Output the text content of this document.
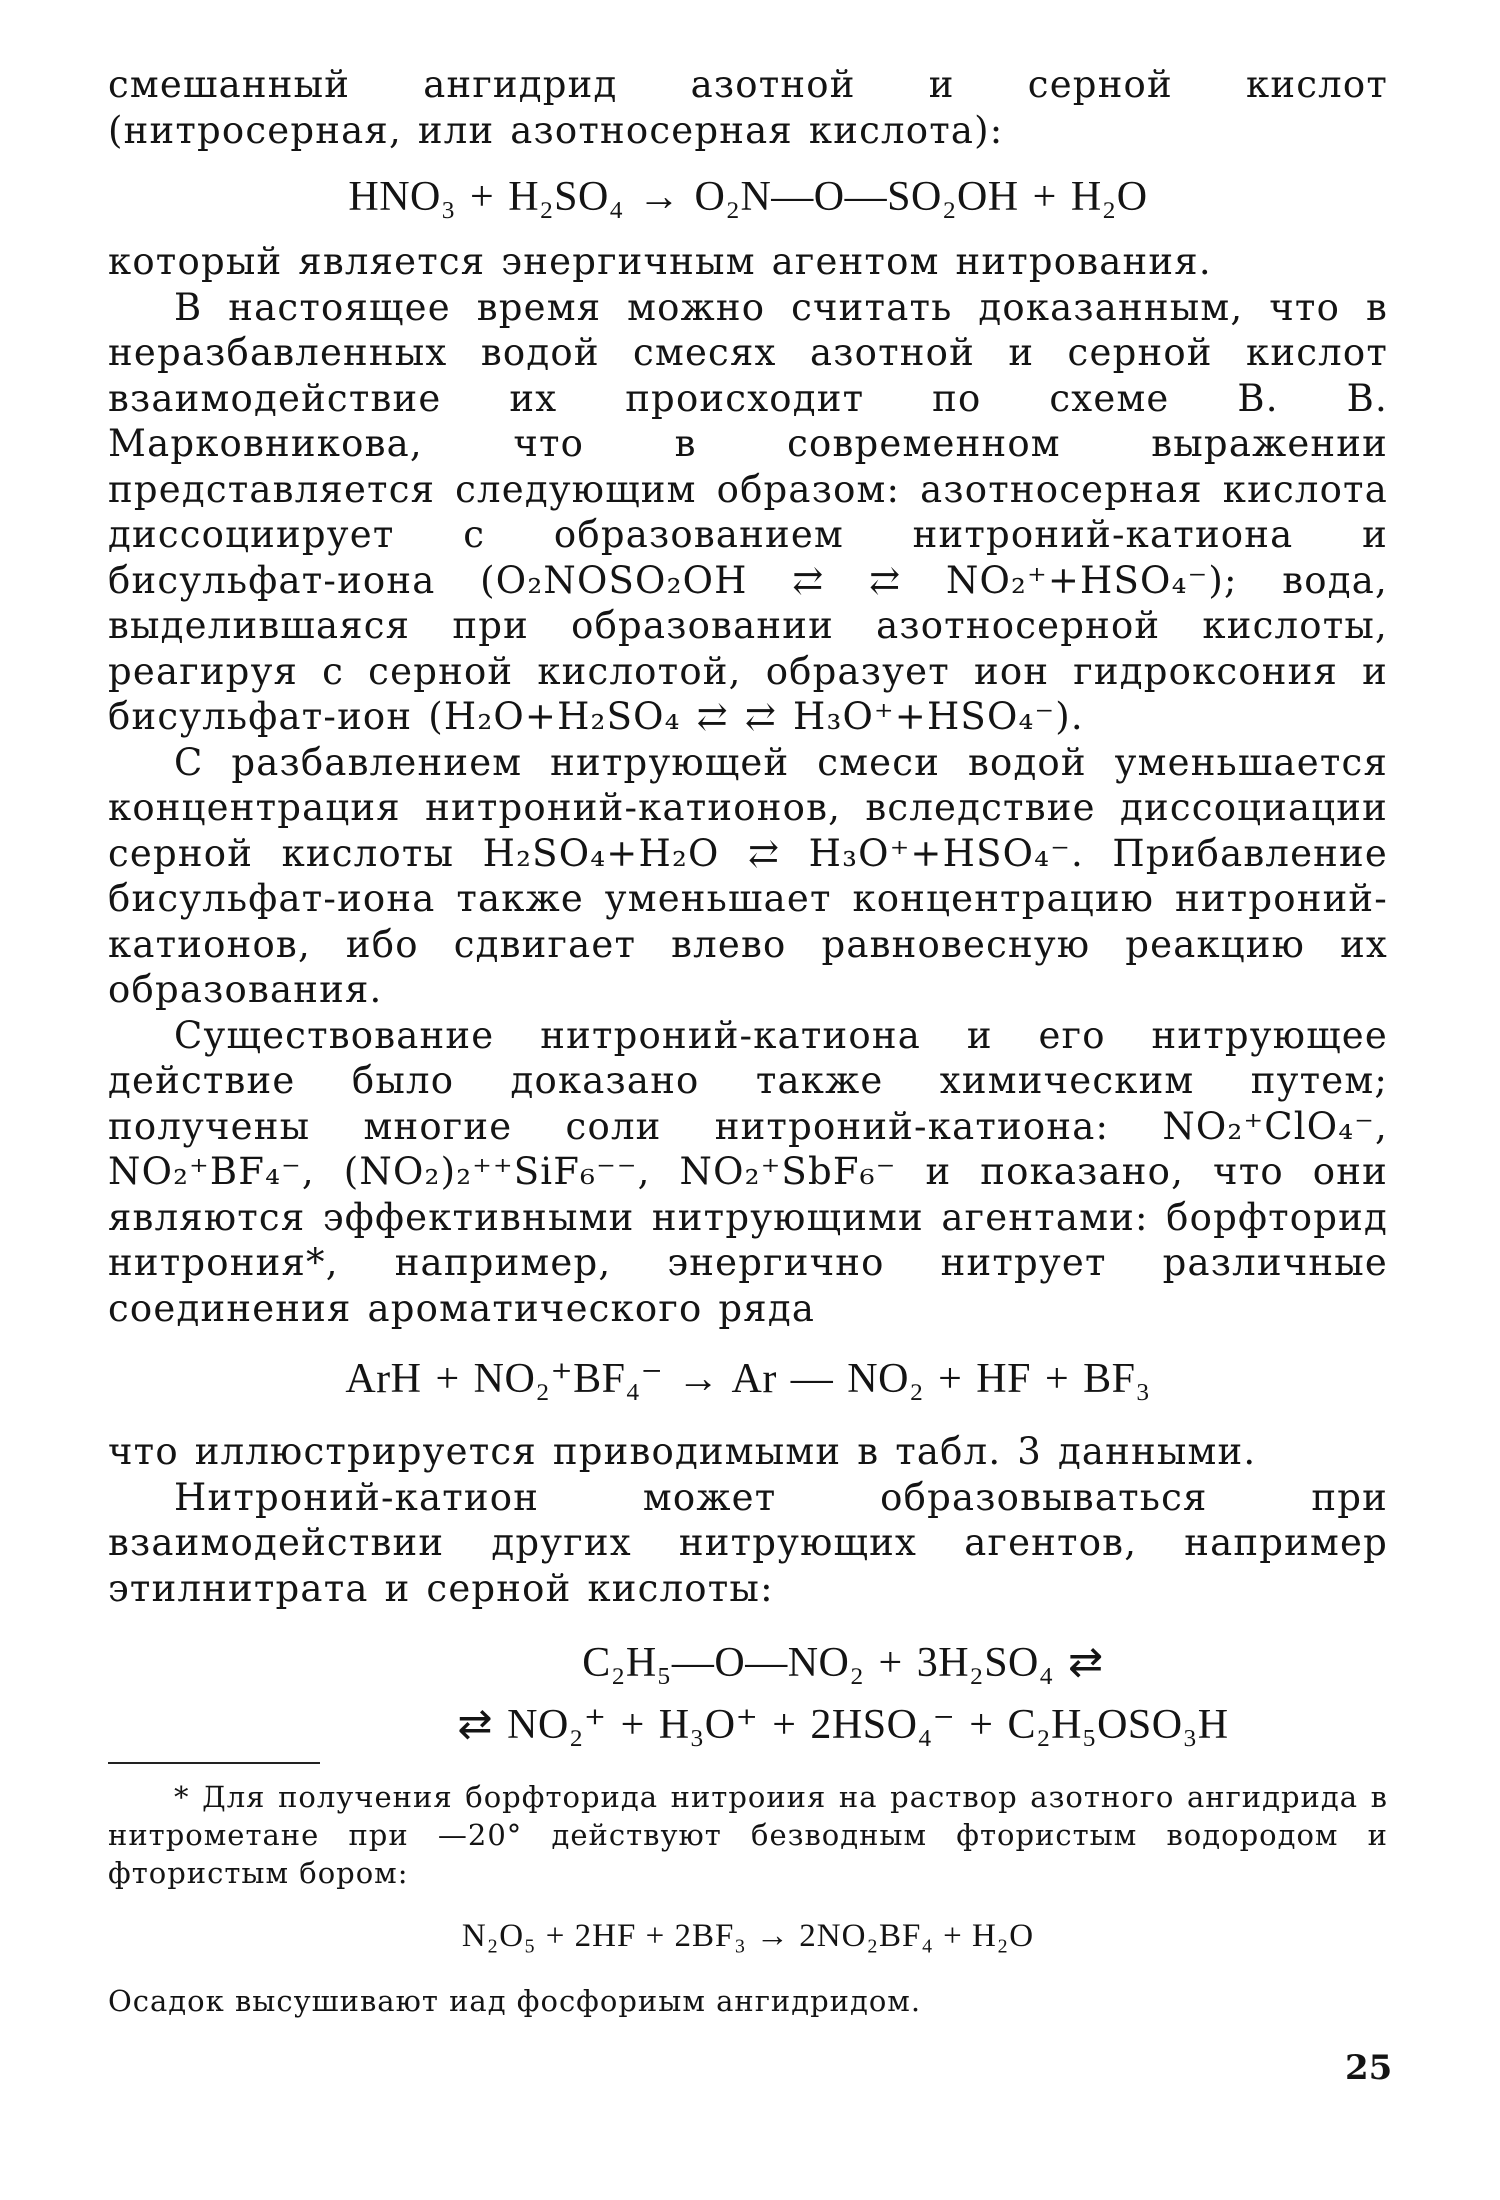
смешанный ангидрид азотной и серной кислот (нитросерная, или азотносерная кислота):

HNO₃ + H₂SO₄ → O₂N—O—SO₂OH + H₂O

который является энергичным агентом нитрования.

В настоящее время можно считать доказанным, что в неразбавленных водой смесях азотной и серной кислот взаимодействие их происходит по схеме В. В. Марковникова, что в современном выражении представляется следующим образом: азотносерная кислота диссоциирует с образованием нитроний-катиона и бисульфат-иона (O₂NOSO₂OH ⇄ ⇄ NO₂⁺+HSO₄⁻); вода, выделившаяся при образовании азотносерной кислоты, реагируя с серной кислотой, образует ион гидроксония и бисульфат-ион (H₂O+H₂SO₄ ⇄ ⇄ H₃O⁺+HSO₄⁻).

С разбавлением нитрующей смеси водой уменьшается концентрация нитроний-катионов, вследствие диссоциации серной кислоты H₂SO₄+H₂O ⇄ H₃O⁺+HSO₄⁻. Прибавление бисульфат-иона также уменьшает концентрацию нитроний-катионов, ибо сдвигает влево равновесную реакцию их образования.

Существование нитроний-катиона и его нитрующее действие было доказано также химическим путем; получены многие соли нитроний-катиона: NO₂⁺ClO₄⁻, NO₂⁺BF₄⁻, (NO₂)₂⁺⁺SiF₆⁻⁻, NO₂⁺SbF₆⁻ и показано, что они являются эффективными нитрующими агентами: борфторид нитрония*, например, энергично нитрует различные соединения ароматического ряда

ArH + NO₂⁺BF₄⁻ → Ar — NO₂ + HF + BF₃

что иллюстрируется приводимыми в табл. 3 данными.

Нитроний-катион может образовываться при взаимодействии других нитрующих агентов, например этилнитрата и серной кислоты:

C₂H₅—O—NO₂ + 3H₂SO₄ ⇄
⇄ NO₂⁺ + H₃O⁺ + 2HSO₄⁻ + C₂H₅OSO₃H

* Для получения борфторида нитроиия на раствор азотного ангидрида в нитрометане при —20° действуют безводным фтористым водородом и фтористым бором:

N₂O₅ + 2HF + 2BF₃ → 2NO₂BF₄ + H₂O

Осадок высушивают иад фосфориым ангидридом.

25
